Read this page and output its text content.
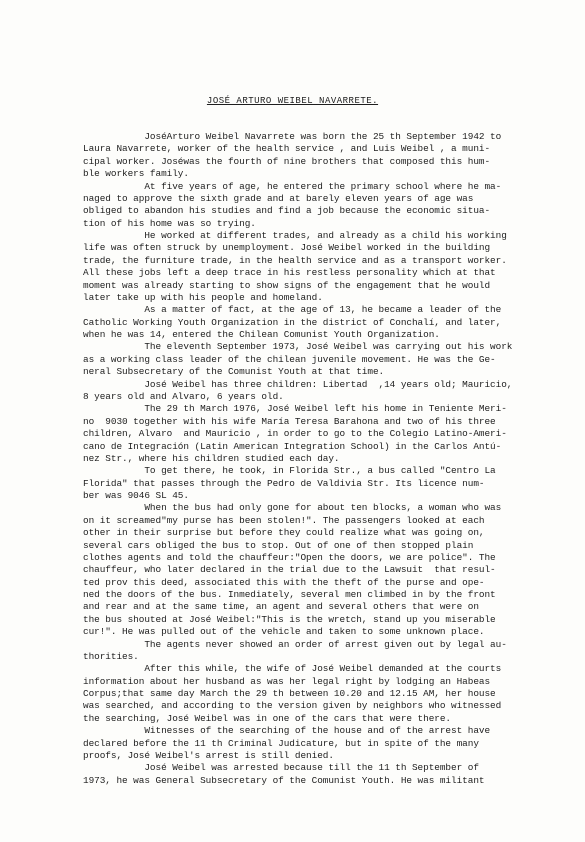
JOSÉ ARTURO WEIBEL NAVARRETE.
JoséArturo Weibel Navarrete was born the 25 th September 1942 to
Laura Navarrete, worker of the health service , and Luis Weibel , a muni-
cipal worker. Joséwas the fourth of nine brothers that composed this hum-
ble workers family.
At five years of age, he entered the primary school where he ma-
naged to approve the sixth grade and at barely eleven years of age was
obliged to abandon his studies and find a job because the economic situa-
tion of his home was so trying.
He worked at different trades, and already as a child his working
life was often struck by unemployment. José Weibel worked in the building
trade, the furniture trade, in the health service and as a transport worker.
All these jobs left a deep trace in his restless personality which at that
moment was already starting to show signs of the engagement that he would
later take up with his people and homeland.
As a matter of fact, at the age of 13, he became a leader of the
Catholic Working Youth Organization in the district of Conchalí, and later,
when he was 14, entered the Chilean Comunist Youth Organization.
The eleventh September 1973, José Weibel was carrying out his work
as a working class leader of the chilean juvenile movement. He was the Ge-
neral Subsecretary of the Comunist Youth at that time.
José Weibel has three children: Libertad  ,14 years old; Mauricio,
8 years old and Alvaro, 6 years old.
The 29 th March 1976, José Weibel left his home in Teniente Meri-
no  9030 together with his wife María Teresa Barahona and two of his three
children, Alvaro  and Mauricio , in order to go to the Colegio Latino-Ameri-
cano de Integración (Latin American Integration School) in the Carlos Antú-
nez Str., where his children studied each day.
To get there, he took, in Florida Str., a bus called "Centro La
Florida" that passes through the Pedro de Valdivia Str. Its licence num-
ber was 9046 SL 45.
When the bus had only gone for about ten blocks, a woman who was
on it screamed"my purse has been stolen!". The passengers looked at each
other in their surprise but before they could realize what was going on,
several cars obliged the bus to stop. Out of one of then stopped plain
clothes agents and told the chauffeur:"Open the doors, we are police". The
chauffeur, who later declared in the trial due to the Lawsuit  that resul-
ted prov this deed, associated this with the theft of the purse and ope-
ned the doors of the bus. Inmediately, several men climbed in by the front
and rear and at the same time, an agent and several others that were on
the bus shouted at José Weibel:"This is the wretch, stand up you miserable
cur!". He was pulled out of the vehicle and taken to some unknown place.
The agents never showed an order of arrest given out by legal au-
thorities.
After this while, the wife of José Weibel demanded at the courts
information about her husband as was her legal right by lodging an Habeas
Corpus;that same day March the 29 th between 10.20 and 12.15 AM, her house
was searched, and according to the version given by neighbors who witnessed
the searching, José Weibel was in one of the cars that were there.
Witnesses of the searching of the house and of the arrest have
declared before the 11 th Criminal Judicature, but in spite of the many
proofs, José Weibel's arrest is still denied.
José Weibel was arrested because till the 11 th September of
1973, he was General Subsecretary of the Comunist Youth. He was militant
